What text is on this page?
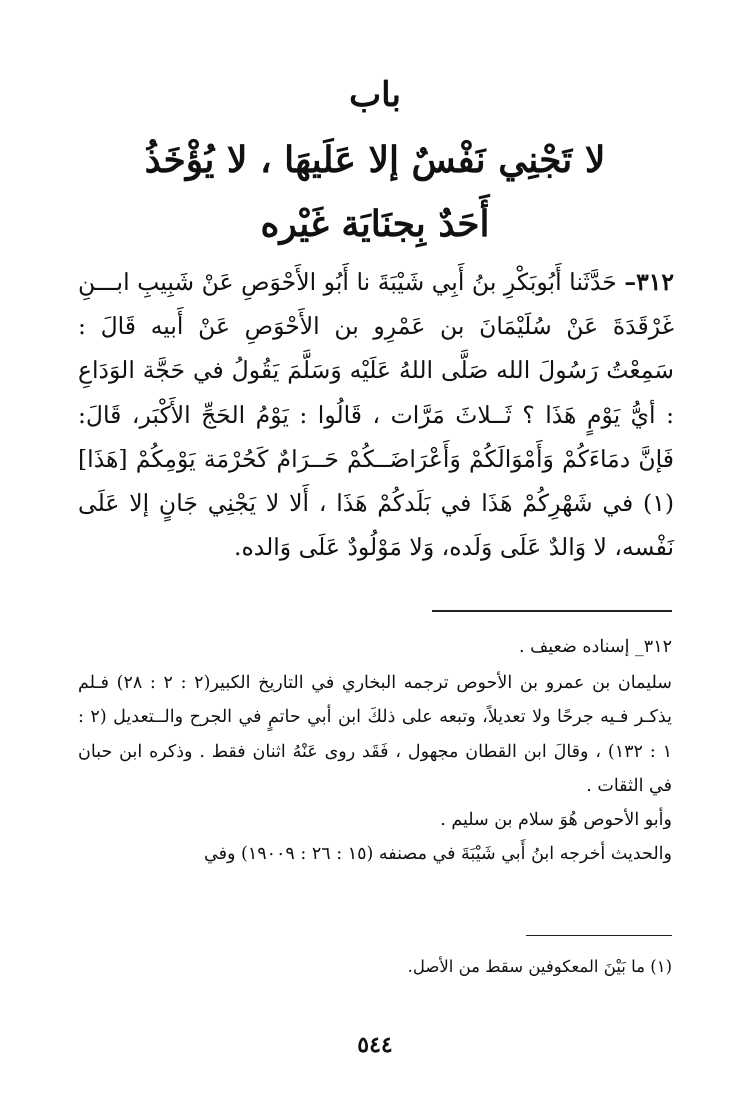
باب
لا تَجْنِي نَفْسٌ إلا عَلَيهَا ، لا يُؤْخَذُ
أَحَدٌ بِجنَايَة غَيْره
٣١٢– حَدَّثَنا أَبُوبَكْرِ بنُ أَبِي شَيْبَةَ نا أَبُو الأَحْوَصِ عَنْ شَبِيبِ ابـــنِ غَرْقَدَةَ عَنْ سُلَيْمَانَ بن عَمْرِو بن الأَحْوَصِ عَنْ أَبيه قَالَ : سَمِعْتُ رَسُولَ الله صَلَّى اللهُ عَلَيْه وَسَلَّمَ يَقُولُ في حَجَّة الوَدَاعِ : أيُّ يَوْمٍ هَذَا ؟ ثَــلاثَ مَرَّات ، قَالُوا : يَوْمُ الحَجِّ الأَكْبَر، قَالَ: فَإنَّ دمَاءَكُمْ وَأَمْوَالَكُمْ وَأَعْرَاضَــكُمْ حَــرَامٌ كَحُرْمَة يَوْمِكُمْ [هَذَا](١) في شَهْرِكُمْ هَذَا في بَلَدكُمْ هَذَا ، أَلا لا يَجْنِي جَانٍ إلا عَلَى نَفْسه، لا وَالدٌ عَلَى وَلَده، وَلا مَوْلُودٌ عَلَى وَالده.

٣١٢_ إسناده ضعيف .

سليمان بن عمرو بن الأحوص ترجمه البخاري في التاريخ الكبير(٢ : ٢ : ٢٨) فـلم يذكـر فـيه جرحًا ولا تعديلاً، وتبعه على ذلكَ ابن أبي حاتمٍ في الجرح والــتعديل (٢ : ١ : ١٣٢) ، وقالَ ابن القطان مجهول ، فَقَد روى عَنْهُ اثنان فقط . وذكره ابن حبان في الثقات .

وأبو الأحوص هُوَ سلام بن سليم .

والحديث أخرجه ابنُ أَبي شَيْبَةَ في مصنفه (١٥ : ٢٦ : ١٩٠٠٩) وفي

(١) ما بَيْنَ المعكوفين سقط من الأصل.
٥٤٤
